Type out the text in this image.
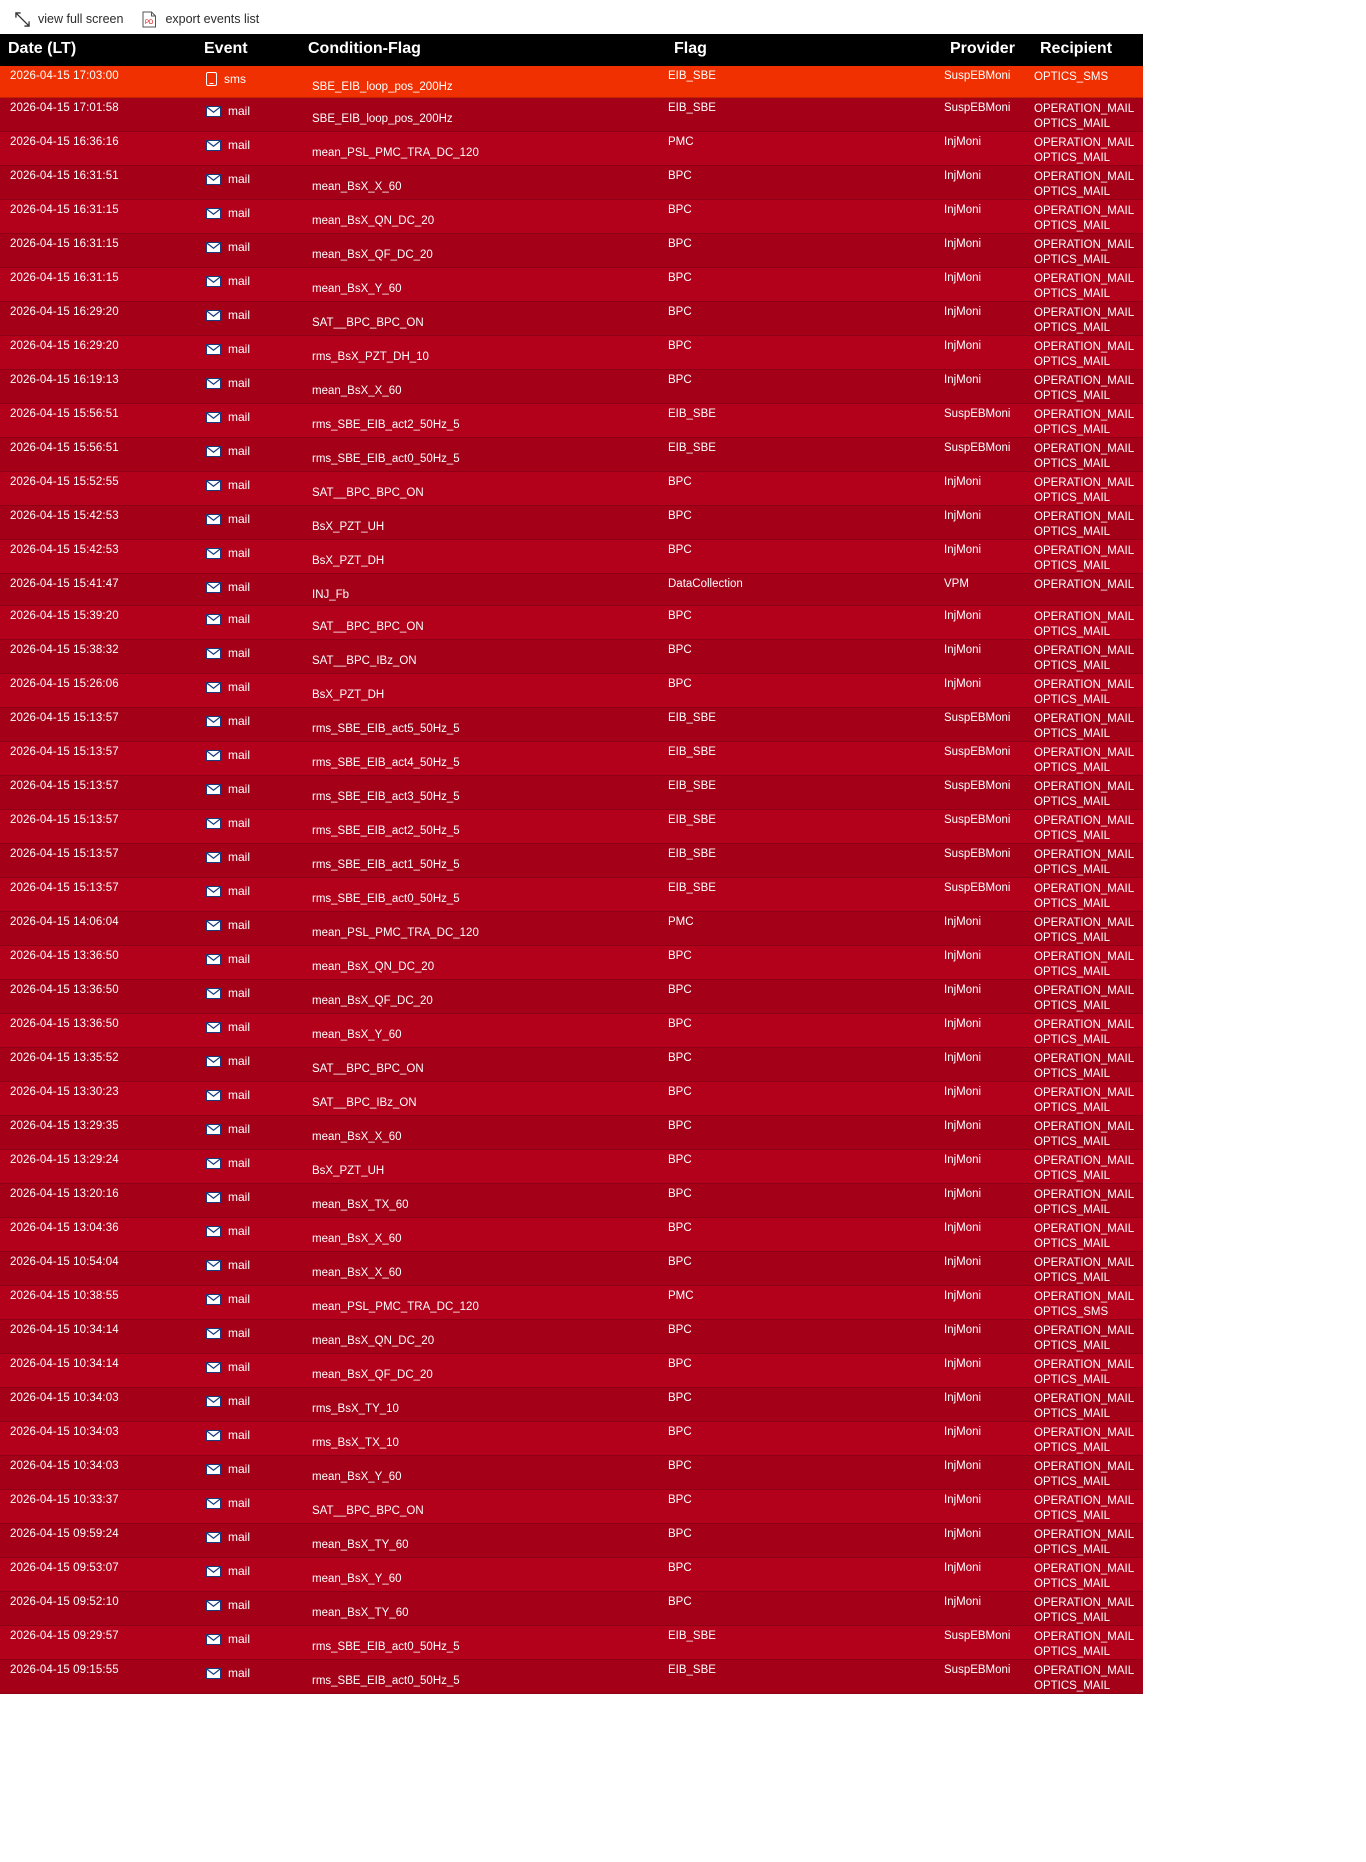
view full screen	P D export events list
Date (LT)	Event	Condition-Flag	Flag	Provider	Recipient

2026-04-15 17:03:00	sms	SBE_EIB_loop_pos_200Hz	EIB_SBE	SuspEBMoni	OPTICS_SMS

2026-04-15 17:01:58	mail	SBE_EIB_loop_pos_200Hz	EIB_SBE	SuspEBMoni	OPERATION_MAIL
OPTICS_MAIL

2026-04-15 16:36:16	mail	mean_PSL_PMC_TRA_DC_120	PMC	InjMoni	OPERATION_MAIL
OPTICS_MAIL

2026-04-15 16:31:51	mail	mean_BsX_X_60	BPC	InjMoni	OPERATION_MAIL
OPTICS_MAIL

2026-04-15 16:31:15	mail	mean_BsX_QN_DC_20	BPC	InjMoni	OPERATION_MAIL
OPTICS_MAIL

2026-04-15 16:31:15	mail	mean_BsX_QF_DC_20	BPC	InjMoni	OPERATION_MAIL
OPTICS_MAIL

2026-04-15 16:31:15	mail	mean_BsX_Y_60	BPC	InjMoni	OPERATION_MAIL
OPTICS_MAIL

2026-04-15 16:29:20	mail	SAT__BPC_BPC_ON	BPC	InjMoni	OPERATION_MAIL
OPTICS_MAIL

2026-04-15 16:29:20	mail	rms_BsX_PZT_DH_10	BPC	InjMoni	OPERATION_MAIL
OPTICS_MAIL

2026-04-15 16:19:13	mail	mean_BsX_X_60	BPC	InjMoni	OPERATION_MAIL
OPTICS_MAIL

2026-04-15 15:56:51	mail	rms_SBE_EIB_act2_50Hz_5	EIB_SBE	SuspEBMoni	OPERATION_MAIL
OPTICS_MAIL

2026-04-15 15:56:51	mail	rms_SBE_EIB_act0_50Hz_5	EIB_SBE	SuspEBMoni	OPERATION_MAIL
OPTICS_MAIL

2026-04-15 15:52:55	mail	SAT__BPC_BPC_ON	BPC	InjMoni	OPERATION_MAIL
OPTICS_MAIL

2026-04-15 15:42:53	mail	BsX_PZT_UH	BPC	InjMoni	OPERATION_MAIL
OPTICS_MAIL

2026-04-15 15:42:53	mail	BsX_PZT_DH	BPC	InjMoni	OPERATION_MAIL
OPTICS_MAIL

2026-04-15 15:41:47	mail	INJ_Fb	DataCollection	VPM	OPERATION_MAIL

2026-04-15 15:39:20	mail	SAT__BPC_BPC_ON	BPC	InjMoni	OPERATION_MAIL
OPTICS_MAIL

2026-04-15 15:38:32	mail	SAT__BPC_IBz_ON	BPC	InjMoni	OPERATION_MAIL
OPTICS_MAIL

2026-04-15 15:26:06	mail	BsX_PZT_DH	BPC	InjMoni	OPERATION_MAIL
OPTICS_MAIL

2026-04-15 15:13:57	mail	rms_SBE_EIB_act5_50Hz_5	EIB_SBE	SuspEBMoni	OPERATION_MAIL
OPTICS_MAIL

2026-04-15 15:13:57	mail	rms_SBE_EIB_act4_50Hz_5	EIB_SBE	SuspEBMoni	OPERATION_MAIL
OPTICS_MAIL

2026-04-15 15:13:57	mail	rms_SBE_EIB_act3_50Hz_5	EIB_SBE	SuspEBMoni	OPERATION_MAIL
OPTICS_MAIL

2026-04-15 15:13:57	mail	rms_SBE_EIB_act2_50Hz_5	EIB_SBE	SuspEBMoni	OPERATION_MAIL
OPTICS_MAIL

2026-04-15 15:13:57	mail	rms_SBE_EIB_act1_50Hz_5	EIB_SBE	SuspEBMoni	OPERATION_MAIL
OPTICS_MAIL

2026-04-15 15:13:57	mail	rms_SBE_EIB_act0_50Hz_5	EIB_SBE	SuspEBMoni	OPERATION_MAIL
OPTICS_MAIL

2026-04-15 14:06:04	mail	mean_PSL_PMC_TRA_DC_120	PMC	InjMoni	OPERATION_MAIL
OPTICS_MAIL

2026-04-15 13:36:50	mail	mean_BsX_QN_DC_20	BPC	InjMoni	OPERATION_MAIL
OPTICS_MAIL

2026-04-15 13:36:50	mail	mean_BsX_QF_DC_20	BPC	InjMoni	OPERATION_MAIL
OPTICS_MAIL

2026-04-15 13:36:50	mail	mean_BsX_Y_60	BPC	InjMoni	OPERATION_MAIL
OPTICS_MAIL

2026-04-15 13:35:52	mail	SAT__BPC_BPC_ON	BPC	InjMoni	OPERATION_MAIL
OPTICS_MAIL

2026-04-15 13:30:23	mail	SAT__BPC_IBz_ON	BPC	InjMoni	OPERATION_MAIL
OPTICS_MAIL

2026-04-15 13:29:35	mail	mean_BsX_X_60	BPC	InjMoni	OPERATION_MAIL
OPTICS_MAIL

2026-04-15 13:29:24	mail	BsX_PZT_UH	BPC	InjMoni	OPERATION_MAIL
OPTICS_MAIL

2026-04-15 13:20:16	mail	mean_BsX_TX_60	BPC	InjMoni	OPERATION_MAIL
OPTICS_MAIL

2026-04-15 13:04:36	mail	mean_BsX_X_60	BPC	InjMoni	OPERATION_MAIL
OPTICS_MAIL

2026-04-15 10:54:04	mail	mean_BsX_X_60	BPC	InjMoni	OPERATION_MAIL
OPTICS_MAIL

2026-04-15 10:38:55	mail	mean_PSL_PMC_TRA_DC_120	PMC	InjMoni	OPERATION_MAIL
OPTICS_SMS

2026-04-15 10:34:14	mail	mean_BsX_QN_DC_20	BPC	InjMoni	OPERATION_MAIL
OPTICS_MAIL

2026-04-15 10:34:14	mail	mean_BsX_QF_DC_20	BPC	InjMoni	OPERATION_MAIL
OPTICS_MAIL

2026-04-15 10:34:03	mail	rms_BsX_TY_10	BPC	InjMoni	OPERATION_MAIL
OPTICS_MAIL

2026-04-15 10:34:03	mail	rms_BsX_TX_10	BPC	InjMoni	OPERATION_MAIL
OPTICS_MAIL

2026-04-15 10:34:03	mail	mean_BsX_Y_60	BPC	InjMoni	OPERATION_MAIL
OPTICS_MAIL

2026-04-15 10:33:37	mail	SAT__BPC_BPC_ON	BPC	InjMoni	OPERATION_MAIL
OPTICS_MAIL

2026-04-15 09:59:24	mail	mean_BsX_TY_60	BPC	InjMoni	OPERATION_MAIL
OPTICS_MAIL

2026-04-15 09:53:07	mail	mean_BsX_Y_60	BPC	InjMoni	OPERATION_MAIL
OPTICS_MAIL

2026-04-15 09:52:10	mail	mean_BsX_TY_60	BPC	InjMoni	OPERATION_MAIL
OPTICS_MAIL

2026-04-15 09:29:57	mail	rms_SBE_EIB_act0_50Hz_5	EIB_SBE	SuspEBMoni	OPERATION_MAIL
OPTICS_MAIL

2026-04-15 09:15:55	mail	rms_SBE_EIB_act0_50Hz_5	EIB_SBE	SuspEBMoni	OPERATION_MAIL
OPTICS_MAIL
